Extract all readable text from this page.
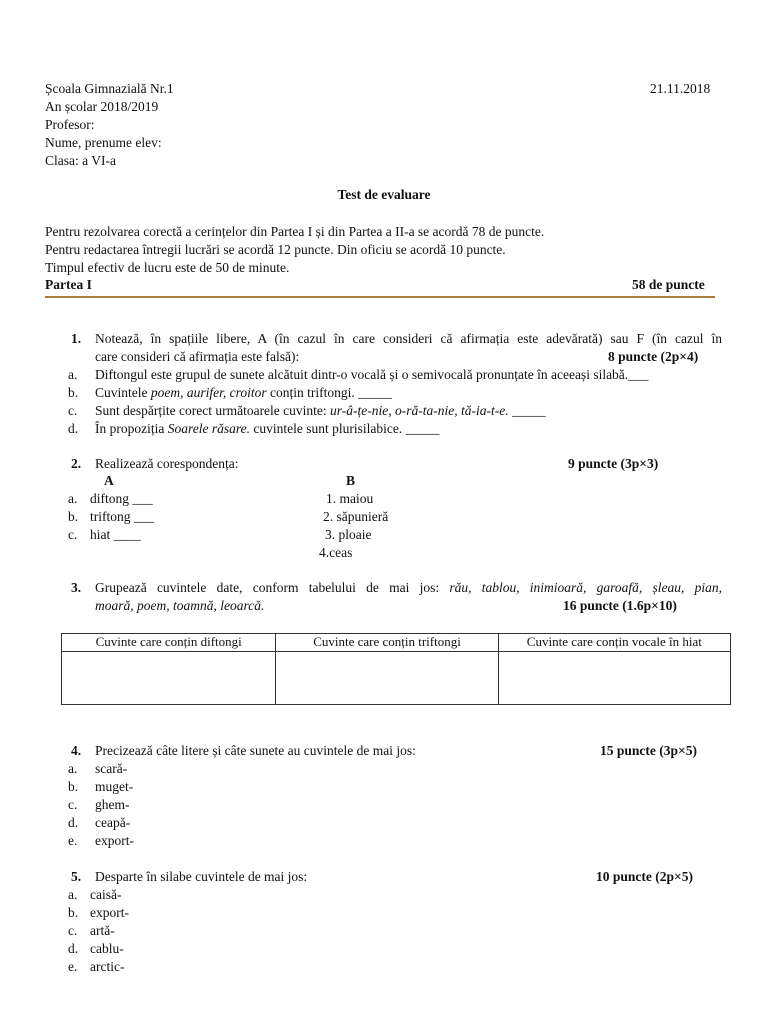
Școala Gimnazială Nr.1
An școlar 2018/2019
Profesor:
Nume, prenume elev:
Clasa: a VI-a
21.11.2018
Test de evaluare
Pentru rezolvarea corectă a cerințelor din Partea I și din Partea a II-a se acordă 78 de puncte.
Pentru redactarea întregii lucrări se acordă 12 puncte. Din oficiu se acordă 10 puncte.
Timpul efectiv de lucru este de 50 de minute.
Partea I	58 de puncte
1. Notează, în spațiile libere, A (în cazul în care consideri că afirmația este adevărată) sau F (în cazul în
care consideri că afirmația este falsă):	8 puncte (2p×4)
a. Diftongul este grupul de sunete alcătuit dintr-o vocală și o semivocală pronunțate în aceeași silabă.___
b. Cuvintele poem, aurifer, croitor conțin triftongi. _____
c. Sunt despărțite corect următoarele cuvinte: ur-â-țe-nie, o-ră-ta-nie, tă-ia-t-e. _____
d. În propoziția Soarele răsare. cuvintele sunt plurisilabice. _____
2. Realizează corespondența:	9 puncte (3p×3)
A	B
a. diftong ___
b. triftong ___
c. hiat ____
1. maiou
2. săpunieră
3. ploaie
4.ceas
3. Grupează cuvintele date, conform tabelului de mai jos: rău, tablou, inimioară, garoafă, șleau, pian,
moară, poem, toamnă, leoarcă.	16 puncte (1.6p×10)
Cuvinte care conțin diftongi	Cuvinte care conțin triftongi	Cuvinte care conțin vocale în hiat

4. Precizează câte litere și câte sunete au cuvintele de mai jos:	15 puncte (3p×5)
a. scară-
b. muget-
c. ghem-
d. ceapă-
e. export-
5. Desparte în silabe cuvintele de mai jos:	10 puncte (2p×5)
a. caisă-
b. export-
c. artă-
d. cablu-
e. arctic-
